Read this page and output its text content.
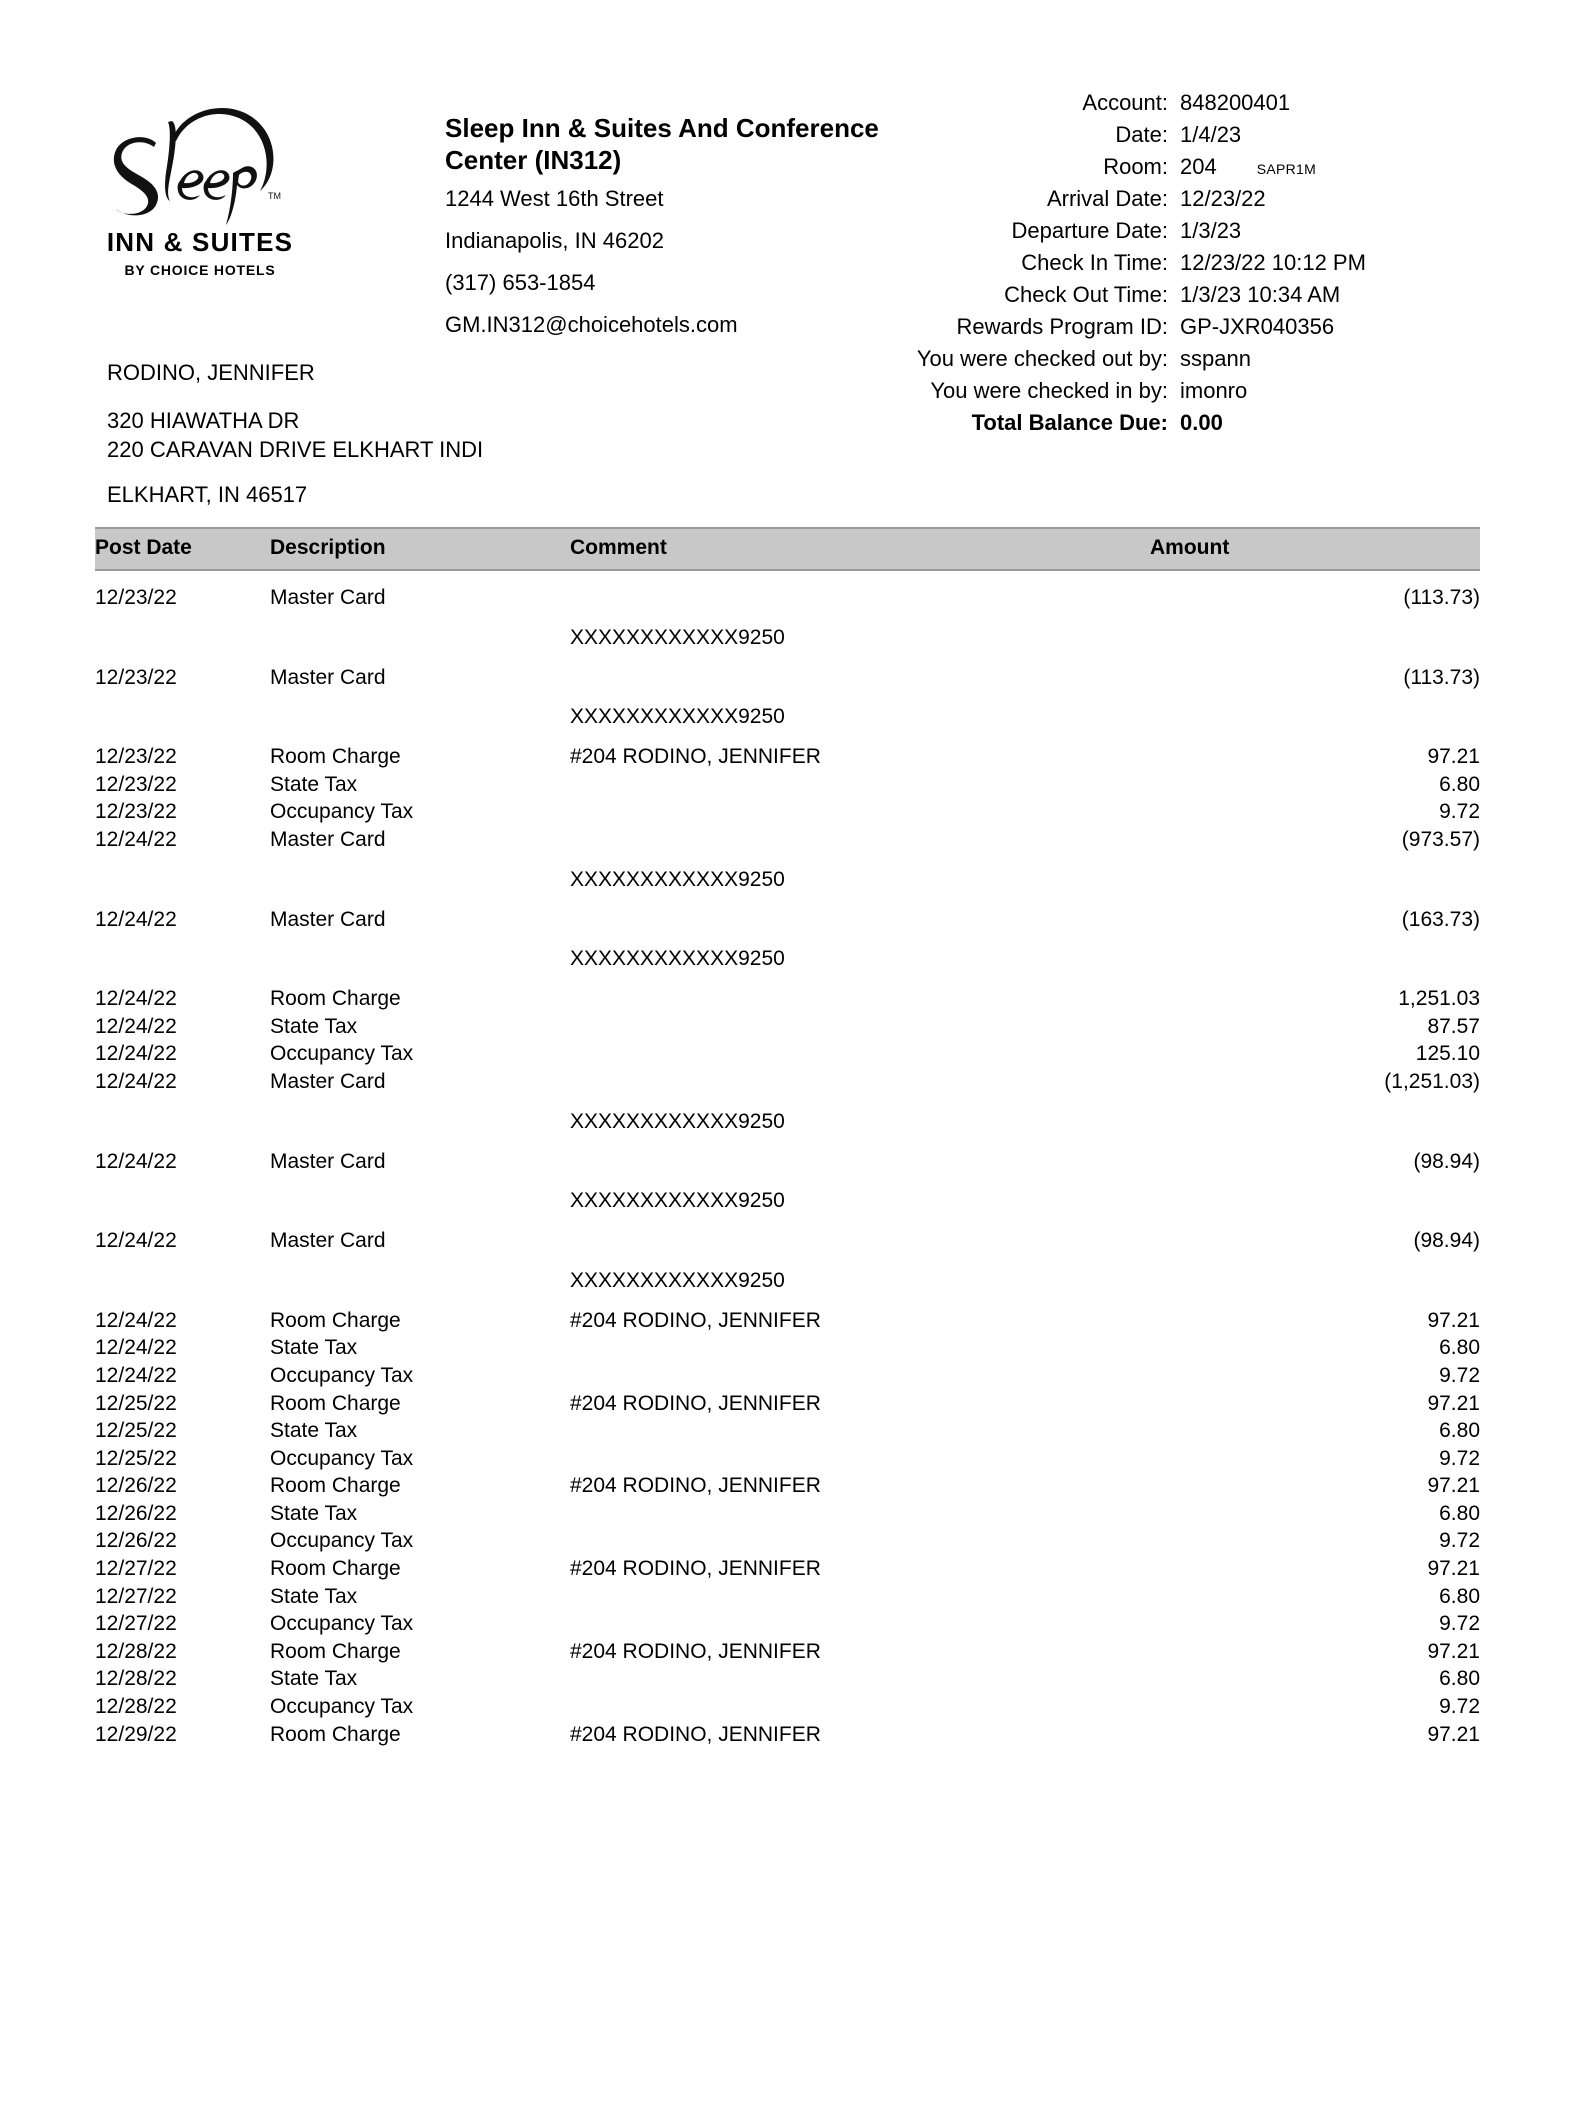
TM
INN & SUITES
BY CHOICE HOTELS
Sleep Inn & Suites And Conference Center (IN312)
1244 West 16th Street
Indianapolis, IN 46202
(317) 653-1854
GM.IN312@choicehotels.com
Account: 848200401
Date: 1/4/23
Room: 204	SAPR1M
Arrival Date: 12/23/22
Departure Date: 1/3/23
Check In Time: 12/23/22 10:12 PM
Check Out Time: 1/3/23 10:34 AM
Rewards Program ID: GP-JXR040356
You were checked out by: sspann
You were checked in by: imonro
Total Balance Due: 0.00
RODINO, JENNIFER
320 HIAWATHA DR
220 CARAVAN DRIVE ELKHART INDI
ELKHART, IN 46517
Post Date	Description	Comment	Amount
12/23/22	Master Card		(113.73)
		XXXXXXXXXXXX9250	
12/23/22	Master Card		(113.73)
		XXXXXXXXXXXX9250	
12/23/22	Room Charge	#204 RODINO, JENNIFER	97.21
12/23/22	State Tax		6.80
12/23/22	Occupancy Tax		9.72
12/24/22	Master Card		(973.57)
		XXXXXXXXXXXX9250	
12/24/22	Master Card		(163.73)
		XXXXXXXXXXXX9250	
12/24/22	Room Charge		1,251.03
12/24/22	State Tax		87.57
12/24/22	Occupancy Tax		125.10
12/24/22	Master Card		(1,251.03)
		XXXXXXXXXXXX9250	
12/24/22	Master Card		(98.94)
		XXXXXXXXXXXX9250	
12/24/22	Master Card		(98.94)
		XXXXXXXXXXXX9250	
12/24/22	Room Charge	#204 RODINO, JENNIFER	97.21
12/24/22	State Tax		6.80
12/24/22	Occupancy Tax		9.72
12/25/22	Room Charge	#204 RODINO, JENNIFER	97.21
12/25/22	State Tax		6.80
12/25/22	Occupancy Tax		9.72
12/26/22	Room Charge	#204 RODINO, JENNIFER	97.21
12/26/22	State Tax		6.80
12/26/22	Occupancy Tax		9.72
12/27/22	Room Charge	#204 RODINO, JENNIFER	97.21
12/27/22	State Tax		6.80
12/27/22	Occupancy Tax		9.72
12/28/22	Room Charge	#204 RODINO, JENNIFER	97.21
12/28/22	State Tax		6.80
12/28/22	Occupancy Tax		9.72
12/29/22	Room Charge	#204 RODINO, JENNIFER	97.21
